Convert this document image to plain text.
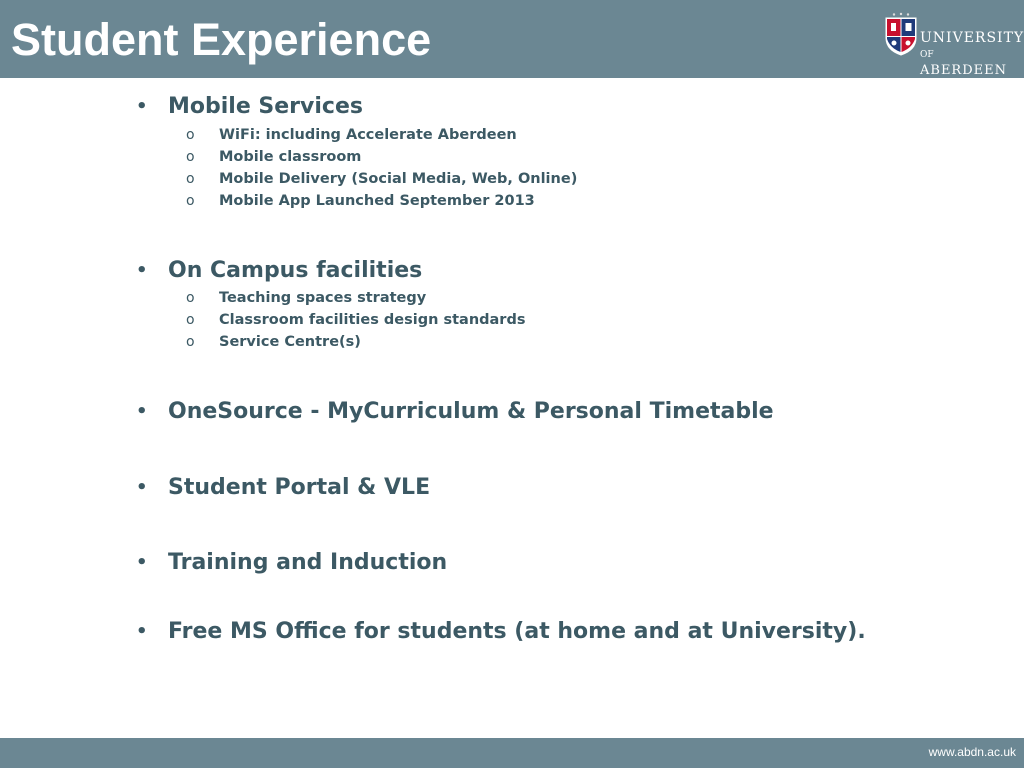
Student Experience	UNIVERSITY
OF ABERDEEN
• Mobile Services
o WiFi: including Accelerate Aberdeen
o Mobile classroom
o Mobile Delivery (Social Media, Web, Online)
o Mobile App Launched September 2013
• On Campus facilities
o Teaching spaces strategy
o Classroom facilities design standards
o Service Centre(s)
• OneSource - MyCurriculum & Personal Timetable
• Student Portal & VLE
• Training and Induction
• Free MS Office for students (at home and at University).
www.abdn.ac.uk
